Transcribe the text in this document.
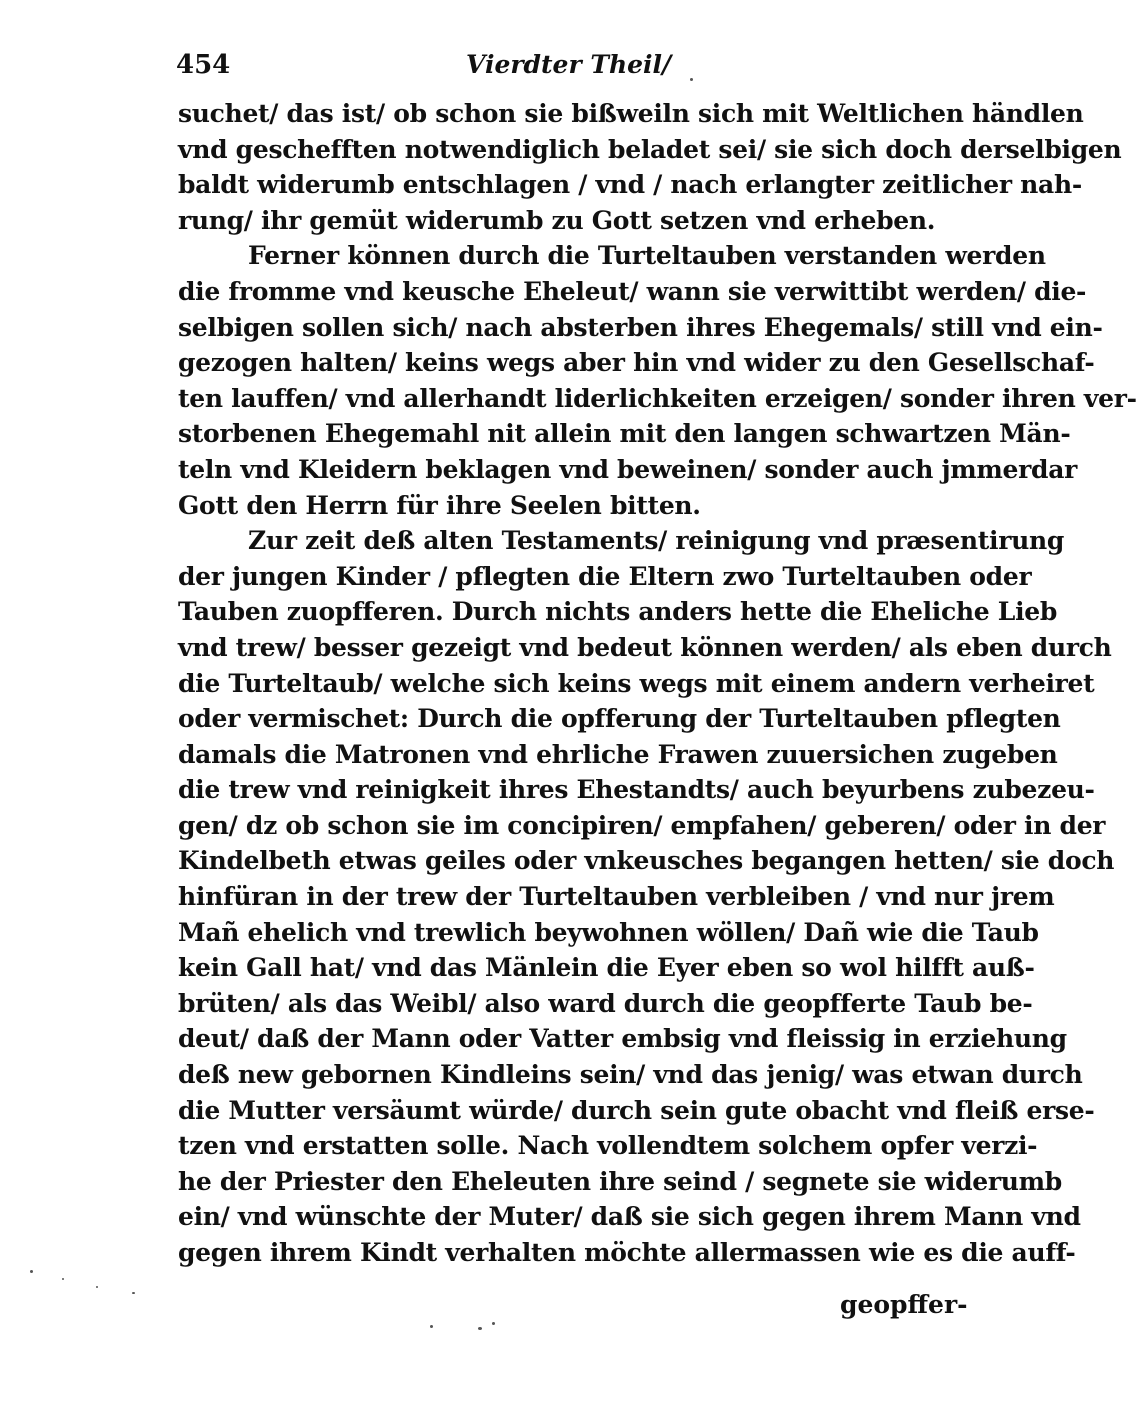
454	Vierdter Theil/
suchet/ das ist/ ob schon sie bißweiln sich mit Weltlichen händlen
vnd geschefften notwendiglich beladet sei/ sie sich doch derselbigen
baldt widerumb entschlagen / vnd / nach erlangter zeitlicher nah-
rung/ ihr gemüt widerumb zu Gott setzen vnd erheben.
Ferner können durch die Turteltauben verstanden werden
die fromme vnd keusche Eheleut/ wann sie verwittibt werden/ die-
selbigen sollen sich/ nach absterben ihres Ehegemals/ still vnd ein-
gezogen halten/ keins wegs aber hin vnd wider zu den Gesellschaf-
ten lauffen/ vnd allerhandt liderlichkeiten erzeigen/ sonder ihren ver-
storbenen Ehegemahl nit allein mit den langen schwartzen Män-
teln vnd Kleidern beklagen vnd beweinen/ sonder auch jmmerdar
Gott den Herrn für ihre Seelen bitten.
Zur zeit deß alten Testaments/ reinigung vnd præsentirung
der jungen Kinder / pflegten die Eltern zwo Turteltauben oder
Tauben zuopfferen. Durch nichts anders hette die Eheliche Lieb
vnd trew/ besser gezeigt vnd bedeut können werden/ als eben durch
die Turteltaub/ welche sich keins wegs mit einem andern verheiret
oder vermischet: Durch die opfferung der Turteltauben pflegten
damals die Matronen vnd ehrliche Frawen zuuersichen zugeben
die trew vnd reinigkeit ihres Ehestandts/ auch beyurbens zubezeu-
gen/ dz ob schon sie im concipiren/ empfahen/ geberen/ oder in der
Kindelbeth etwas geiles oder vnkeusches begangen hetten/ sie doch
hinfüran in der trew der Turteltauben verbleiben / vnd nur jrem
Mañ ehelich vnd trewlich beywohnen wöllen/ Dañ wie die Taub
kein Gall hat/ vnd das Mänlein die Eyer eben so wol hilfft auß-
brüten/ als das Weibl/ also ward durch die geopfferte Taub be-
deut/ daß der Mann oder Vatter embsig vnd fleissig in erziehung
deß new gebornen Kindleins sein/ vnd das jenig/ was etwan durch
die Mutter versäumt würde/ durch sein gute obacht vnd fleiß erse-
tzen vnd erstatten solle. Nach vollendtem solchem opfer verzi-
he der Priester den Eheleuten ihre seind / segnete sie widerumb
ein/ vnd wünschte der Muter/ daß sie sich gegen ihrem Mann vnd
gegen ihrem Kindt verhalten möchte allermassen wie es die auff-
geopffer-
